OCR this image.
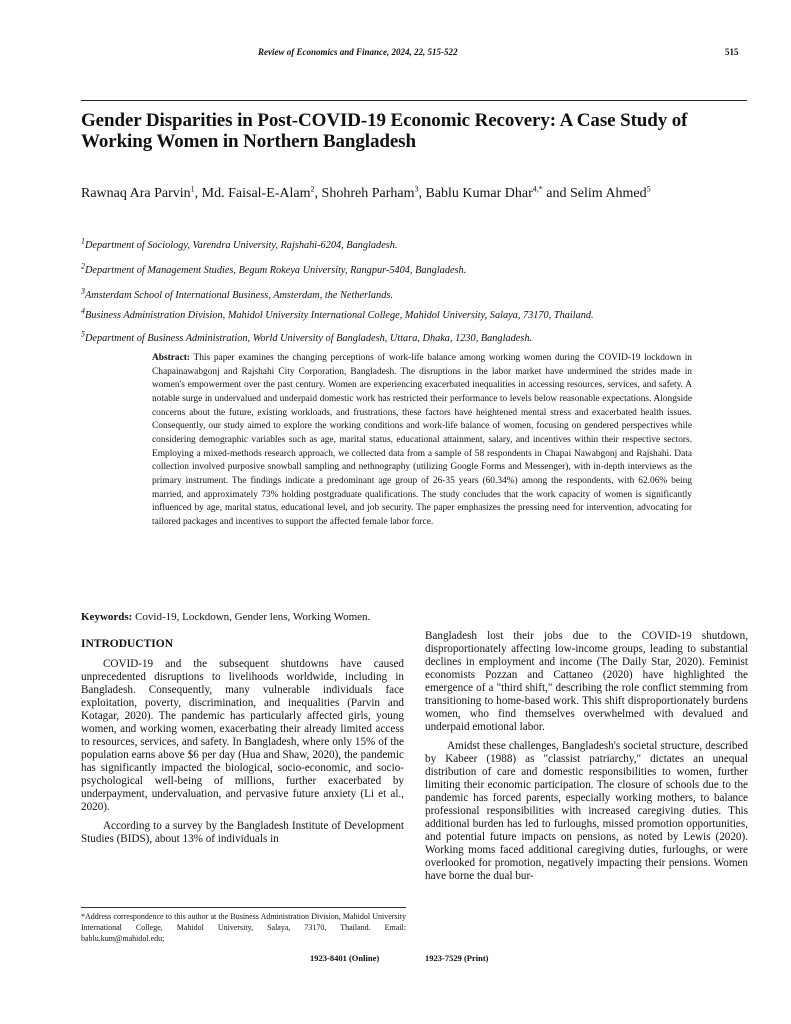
Review of Economics and Finance, 2024, 22, 515-522	515
Gender Disparities in Post-COVID-19 Economic Recovery: A Case Study of Working Women in Northern Bangladesh

Rawnaq Ara Parvin$^1$, Md. Faisal-E-Alam$^2$, Shohreh Parham$^3$, Bablu Kumar Dhar$^{4,*}$ and Selim Ahmed$^5$

$^1$Department of Sociology, Varendra University, Rajshahi-6204, Bangladesh.

$^2$Department of Management Studies, Begum Rokeya University, Rangpur-5404, Bangladesh.

$^3$Amsterdam School of International Business, Amsterdam, the Netherlands.

$^4$Business Administration Division, Mahidol University International College, Mahidol University, Salaya, 73170, Thailand.

$^5$Department of Business Administration, World University of Bangladesh, Uttara, Dhaka, 1230, Bangladesh.

Abstract: This paper examines the changing perceptions of work-life balance among working women during the COVID-19 lockdown in Chapainawabgonj and Rajshahi City Corporation, Bangladesh. The disruptions in the labor market have undermined the strides made in women's empowerment over the past century. Women are experiencing exacerbated inequalities in accessing resources, services, and safety. A notable surge in undervalued and underpaid domestic work has restricted their performance to levels below reasonable expectations. Alongside concerns about the future, existing workloads, and frustrations, these factors have heightened mental stress and exacerbated health issues. Consequently, our study aimed to explore the working conditions and work-life balance of women, focusing on gendered perspectives while considering demographic variables such as age, marital status, educational attainment, salary, and incentives within their respective sectors. Employing a mixed-methods research approach, we collected data from a sample of 58 respondents in Chapai Nawabgonj and Rajshahi. Data collection involved purposive snowball sampling and nethnography (utilizing Google Forms and Messenger), with in-depth interviews as the primary instrument. The findings indicate a predominant age group of 26-35 years (60.34%) among the respondents, with 62.06% being married, and approximately 73% holding postgraduate qualifications. The study concludes that the work capacity of women is significantly influenced by age, marital status, educational level, and job security. The paper emphasizes the pressing need for intervention, advocating for tailored packages and incentives to support the affected female labor force.

Keywords: Covid-19, Lockdown, Gender lens, Working Women.

INTRODUCTION

COVID-19 and the subsequent shutdowns have caused unprecedented disruptions to livelihoods worldwide, including in Bangladesh. Consequently, many vulnerable individuals face exploitation, poverty, discrimination, and inequalities (Parvin and Kotagar, 2020). The pandemic has particularly affected girls, young women, and working women, exacerbating their already limited access to resources, services, and safety. In Bangladesh, where only 15% of the population earns above $6 per day (Hua and Shaw, 2020), the pandemic has significantly impacted the biological, socio-economic, and socio-psychological well-being of millions, further exacerbated by underpayment, undervaluation, and pervasive future anxiety (Li et al., 2020).

According to a survey by the Bangladesh Institute of Development Studies (BIDS), about 13% of individuals in

Bangladesh lost their jobs due to the COVID-19 shutdown, disproportionately affecting low-income groups, leading to substantial declines in employment and income (The Daily Star, 2020). Feminist economists Pozzan and Cattaneo (2020) have highlighted the emergence of a "third shift," describing the role conflict stemming from transitioning to home-based work. This shift disproportionately burdens women, who find themselves overwhelmed with devalued and underpaid emotional labor.

Amidst these challenges, Bangladesh's societal structure, described by Kabeer (1988) as "classist patriarchy," dictates an unequal distribution of care and domestic responsibilities to women, further limiting their economic participation. The closure of schools due to the pandemic has forced parents, especially working mothers, to balance professional responsibilities with increased caregiving duties. This additional burden has led to furloughs, missed promotion opportunities, and potential future impacts on pensions, as noted by Lewis (2020). Working moms faced additional caregiving duties, furloughs, or were overlooked for promotion, negatively impacting their pensions. Women have borne the dual bur-

*Address correspondence to this author at the Business Administration Division, Mahidol University International College, Mahidol University, Salaya, 73170, Thailand. Email: bablu.kum@mahidol.edu;

1923-8401 (Online)	1923-7529 (Print)
